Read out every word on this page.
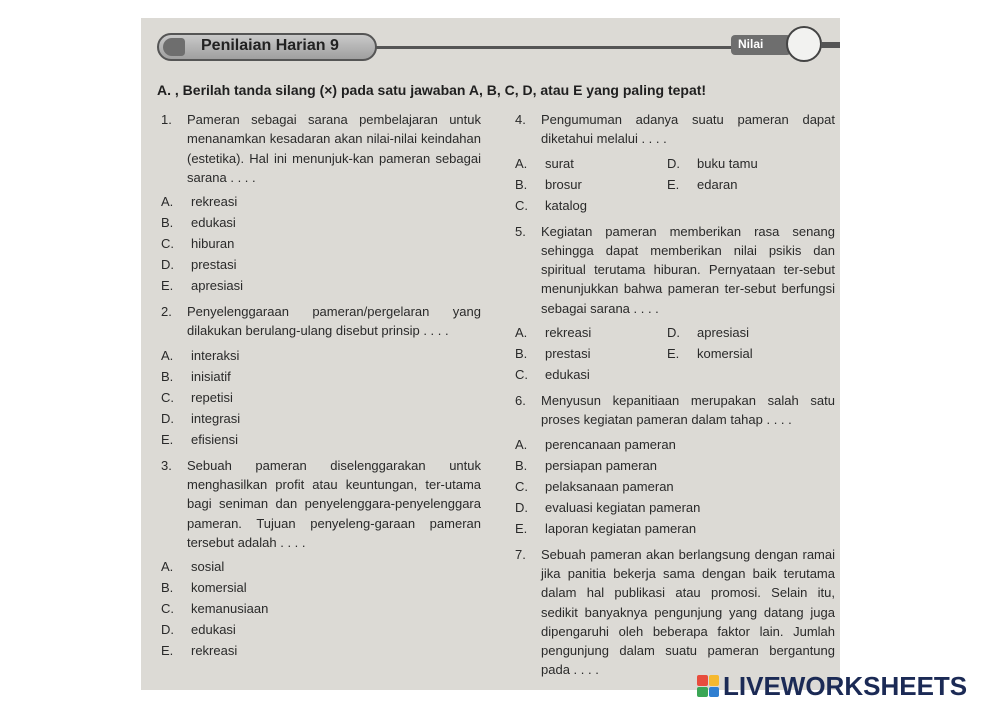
Penilaian Harian 9	Nilai
A. , Berilah tanda silang (×) pada satu jawaban A, B, C, D, atau E yang paling tepat!
1. Pameran sebagai sarana pembelajaran untuk menanamkan kesadaran akan nilai-nilai keindahan (estetika). Hal ini menunjuk-kan pameran sebagai sarana . . . .
A. rekreasi
B. edukasi
C. hiburan
D. prestasi
E. apresiasi
2. Penyelenggaraan pameran/pergelaran yang dilakukan berulang-ulang disebut prinsip . . . .
A. interaksi
B. inisiatif
C. repetisi
D. integrasi
E. efisiensi
3. Sebuah pameran diselenggarakan untuk menghasilkan profit atau keuntungan, ter-utama bagi seniman dan penyelenggara-penyelenggara pameran. Tujuan penyeleng-garaan pameran tersebut adalah . . . .
A. sosial
B. komersial
C. kemanusiaan
D. edukasi
E. rekreasi
4. Pengumuman adanya suatu pameran dapat diketahui melalui . . . .
A. surat	D. buku tamu
B. brosur	E. edaran
C. katalog
5. Kegiatan pameran memberikan rasa senang sehingga dapat memberikan nilai psikis dan spiritual terutama hiburan. Pernyataan ter-sebut menunjukkan bahwa pameran ter-sebut berfungsi sebagai sarana . . . .
A. rekreasi	D. apresiasi
B. prestasi	E. komersial
C. edukasi
6. Menyusun kepanitiaan merupakan salah satu proses kegiatan pameran dalam tahap . . . .
A. perencanaan pameran
B. persiapan pameran
C. pelaksanaan pameran
D. evaluasi kegiatan pameran
E. laporan kegiatan pameran
7. Sebuah pameran akan berlangsung dengan ramai jika panitia bekerja sama dengan baik terutama dalam hal publikasi atau promosi. Selain itu, sedikit banyaknya pengunjung yang datang juga dipengaruhi oleh beberapa faktor lain. Jumlah pengunjung dalam suatu pameran bergantung pada . . . .
LIVEWORKSHEETS
